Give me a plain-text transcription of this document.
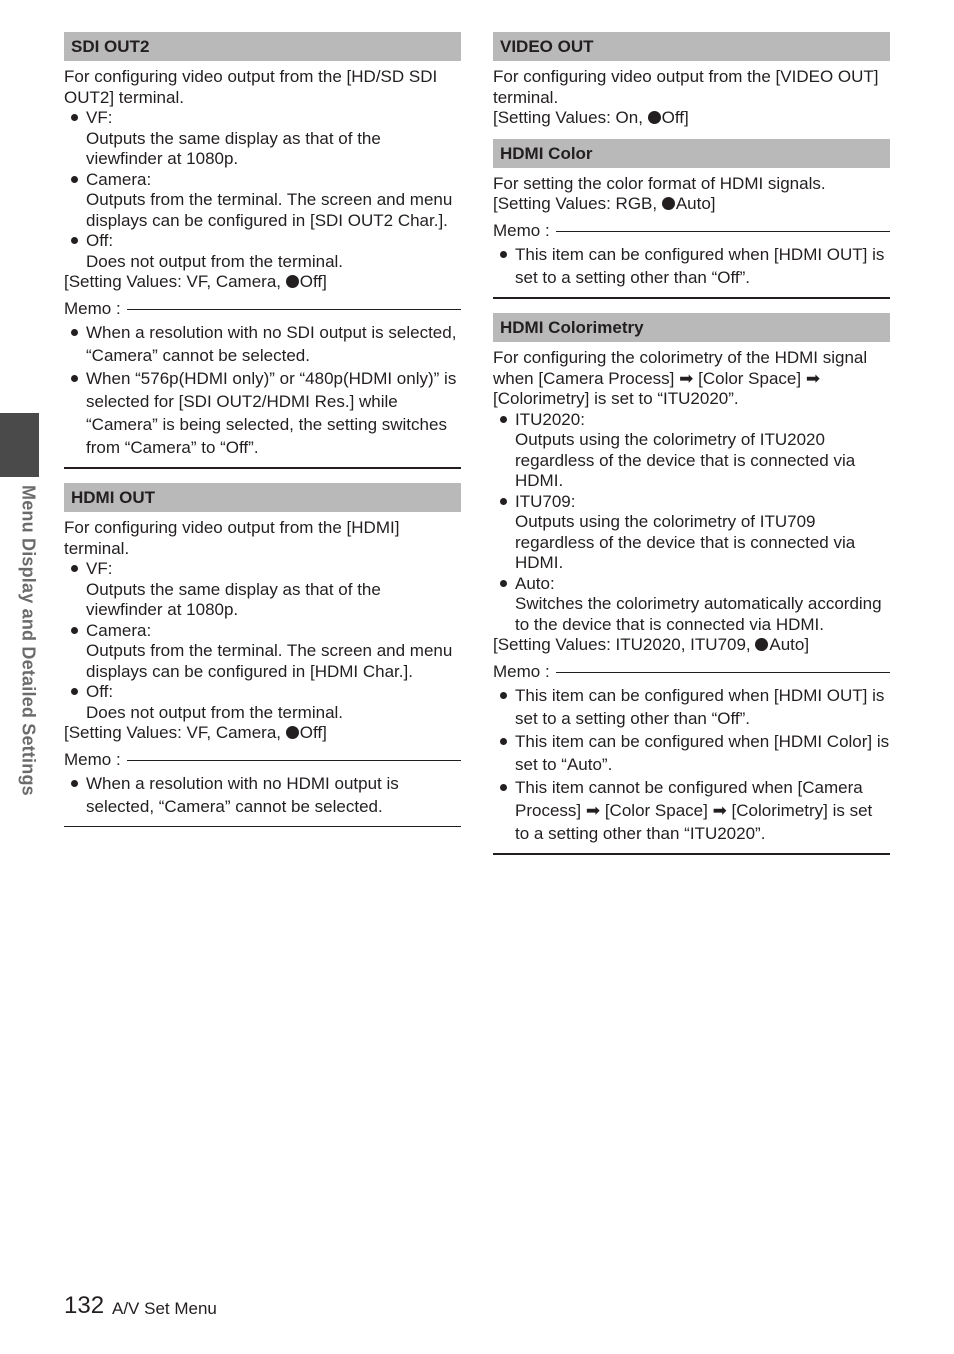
Menu Display and Detailed Settings
SDI OUT2

For configuring video output from the [HD/SD SDI OUT2] terminal.

VF:
Outputs the same display as that of the viewfinder at 1080p.
Camera:
Outputs from the terminal. The screen and menu displays can be configured in [SDI OUT2 Char.].
Off:
Does not output from the terminal.

[Setting Values: VF, Camera, Off]

Memo :
When a resolution with no SDI output is selected, “Camera” cannot be selected.
When “576p(HDMI only)” or “480p(HDMI only)” is selected for [SDI OUT2/HDMI Res.] while “Camera” is being selected, the setting switches from “Camera” to “Off”.
HDMI OUT

For configuring video output from the [HDMI] terminal.

VF:
Outputs the same display as that of the viewfinder at 1080p.
Camera:
Outputs from the terminal. The screen and menu displays can be configured in [HDMI Char.].
Off:
Does not output from the terminal.

[Setting Values: VF, Camera, Off]

Memo :
When a resolution with no HDMI output is selected, “Camera” cannot be selected.
VIDEO OUT

For configuring video output from the [VIDEO OUT] terminal.

[Setting Values: On, Off]

HDMI Color

For setting the color format of HDMI signals.

[Setting Values: RGB, Auto]

Memo :
This item can be configured when [HDMI OUT] is set to a setting other than “Off”.
HDMI Colorimetry

For configuring the colorimetry of the HDMI signal when [Camera Process] ➡ [Color Space] ➡ [Colorimetry] is set to “ITU2020”.

ITU2020:
Outputs using the colorimetry of ITU2020 regardless of the device that is connected via HDMI.
ITU709:
Outputs using the colorimetry of ITU709 regardless of the device that is connected via HDMI.
Auto:
Switches the colorimetry automatically according to the device that is connected via HDMI.

[Setting Values: ITU2020, ITU709, Auto]

Memo :
This item can be configured when [HDMI OUT] is set to a setting other than “Off”.
This item can be configured when [HDMI Color] is set to “Auto”.
This item cannot be configured when [Camera Process] ➡ [Color Space] ➡ [Colorimetry] is set to a setting other than “ITU2020”.
132 A/V Set Menu
